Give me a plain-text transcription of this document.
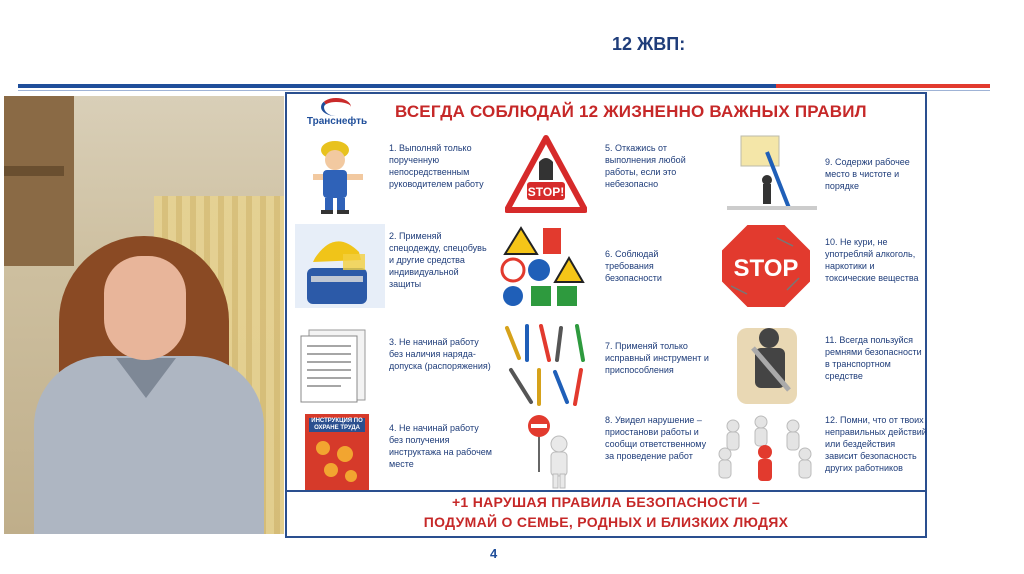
12 ЖВП:
Транснефть
ВСЕГДА СОБЛЮДАЙ 12 ЖИЗНЕННО ВАЖНЫХ ПРАВИЛ
1. Выполняй только порученную непосредственным руководителем работу
2. Применяй спецодежду, спецобувь и другие средства индивидуальной защиты
3. Не начинай работу без наличия наряда-допуска (распоряжения)
ИНСТРУКЦИЯ ПО ОХРАНЕ ТРУДА	4. Не начинай работу без получения инструктажа на рабочем месте
STOP!
5. Откажись от выполнения любой работы, если это небезопасно
6. Соблюдай требования безопасности
7. Применяй только исправный инструмент и приспособления
8. Увидел нарушение – приостанови работы и сообщи ответственному за проведение работ
9. Содержи рабочее место в чистоте и порядке
STOP
10. Не кури, не употребляй алкоголь, наркотики и токсические вещества
11. Всегда пользуйся ремнями безопасности в транспортном средстве
12. Помни, что от твоих неправильных действий или бездействия зависит безопасность других работников
+1 НАРУШАЯ ПРАВИЛА БЕЗОПАСНОСТИ –
ПОДУМАЙ О СЕМЬЕ, РОДНЫХ И БЛИЗКИХ ЛЮДЯХ
4
